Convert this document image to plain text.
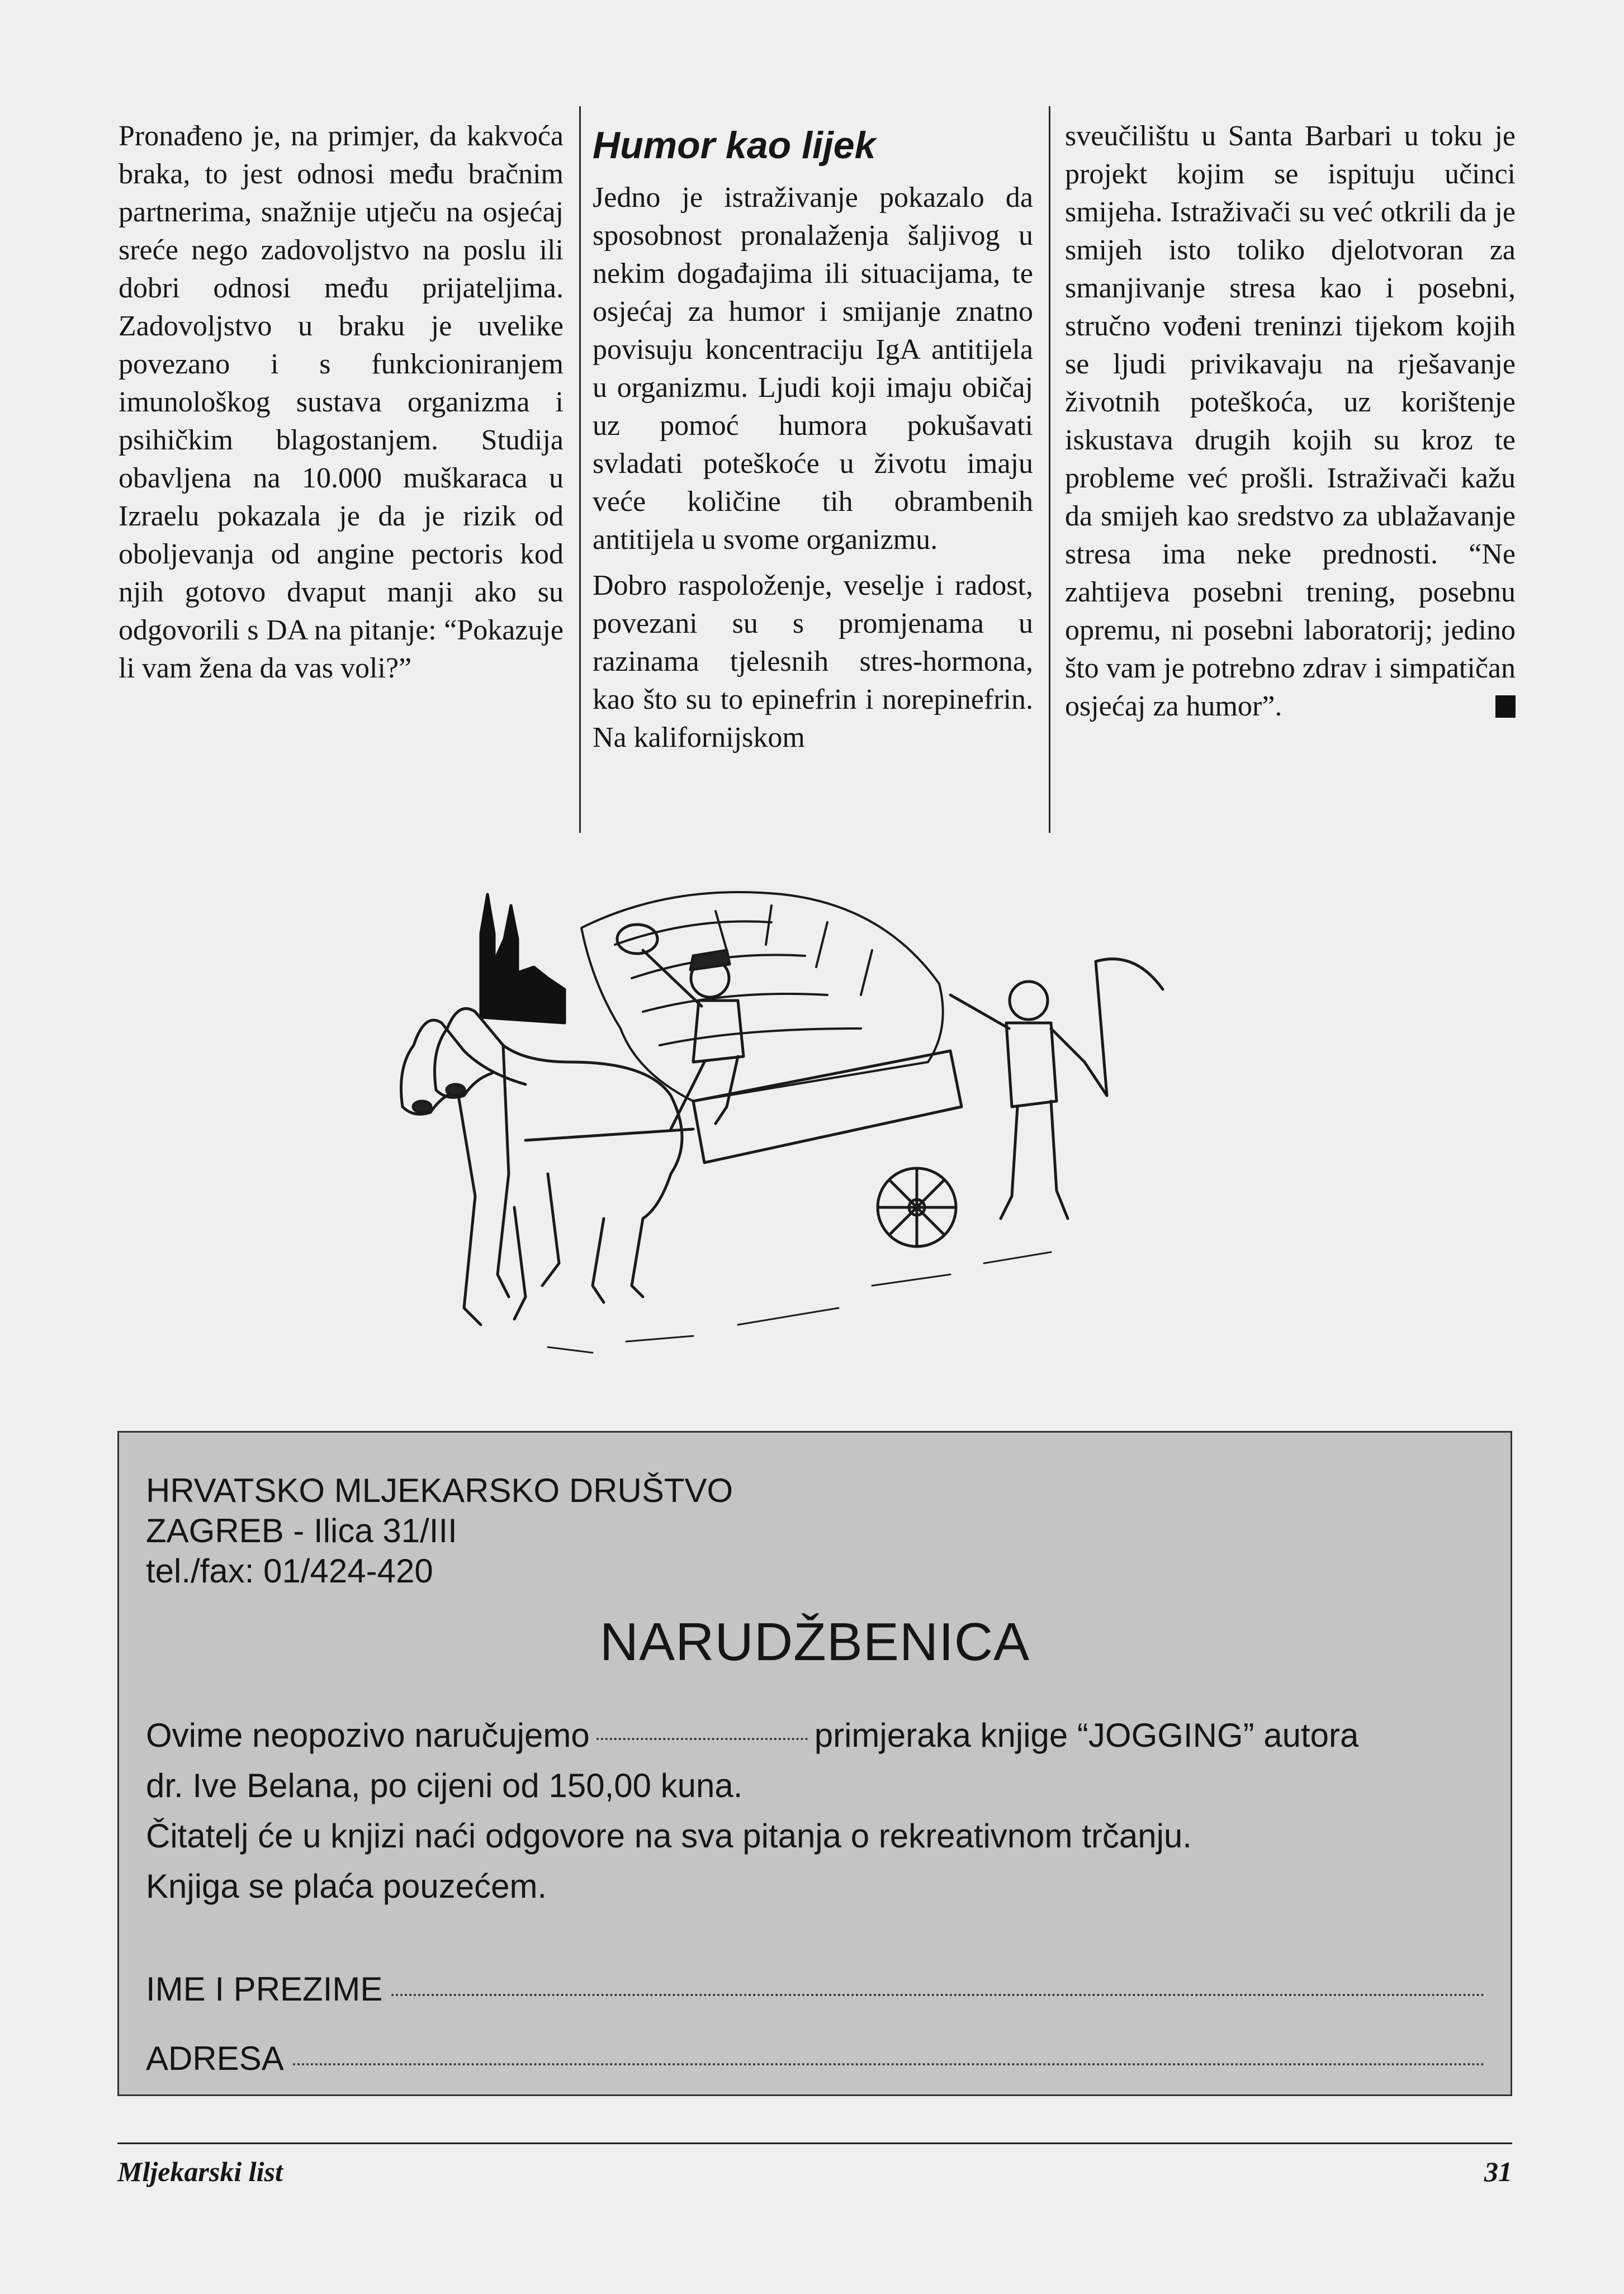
Pronađeno je, na primjer, da kakvoća braka, to jest odnosi među bračnim partnerima, snažnije utječu na osjećaj sreće nego zadovoljstvo na poslu ili dobri odnosi među prijateljima. Zadovoljstvo u braku je uvelike povezano i s funkcioniranjem imunološkog sustava organizma i psihičkim blagostanjem. Studija obavljena na 10.000 muškaraca u Izraelu pokazala je da je rizik od oboljevanja od angine pectoris kod njih gotovo dvaput manji ako su odgovorili s DA na pitanje: “Pokazuje li vam žena da vas voli?”

Humor kao lijek

Jedno je istraživanje pokazalo da sposobnost pronalaženja šaljivog u nekim događajima ili situacijama, te osjećaj za humor i smijanje znatno povisuju koncentraciju IgA antitijela u organizmu. Ljudi koji imaju običaj uz pomoć humora pokušavati svladati poteškoće u životu imaju veće količine tih obrambenih antitijela u svome organizmu.

Dobro raspoloženje, veselje i radost, povezani su s promjenama u razinama tjelesnih stres-hormona, kao što su to epinefrin i norepinefrin. Na kalifornijskom

sveučilištu u Santa Barbari u toku je projekt kojim se ispituju učinci smijeha. Istraživači su već otkrili da je smijeh isto toliko djelotvoran za smanjivanje stresa kao i posebni, stručno vođeni treninzi tijekom kojih se ljudi privikavaju na rješavanje životnih poteškoća, uz korištenje iskustava drugih kojih su kroz te probleme već prošli. Istraživači kažu da smijeh kao sredstvo za ublažavanje stresa ima neke prednosti. “Ne zahtijeva posebni trening, posebnu opremu, ni posebni laboratorij; jedino što vam je potrebno zdrav i simpatičan osjećaj za humor”.

HRVATSKO MLJEKARSKO DRUŠTVO
ZAGREB - Ilica 31/III
tel./fax: 01/424-420
NARUDŽBENICA
Ovime neopozivo naručujemo	primjeraka knjige “JOGGING” autora
dr. Ive Belana, po cijeni od 150,00 kuna.
Čitatelj će u knjizi naći odgovore na sva pitanja o rekreativnom trčanju.
Knjiga se plaća pouzećem.
IME I PREZIME
ADRESA
Mljekarski list	31
